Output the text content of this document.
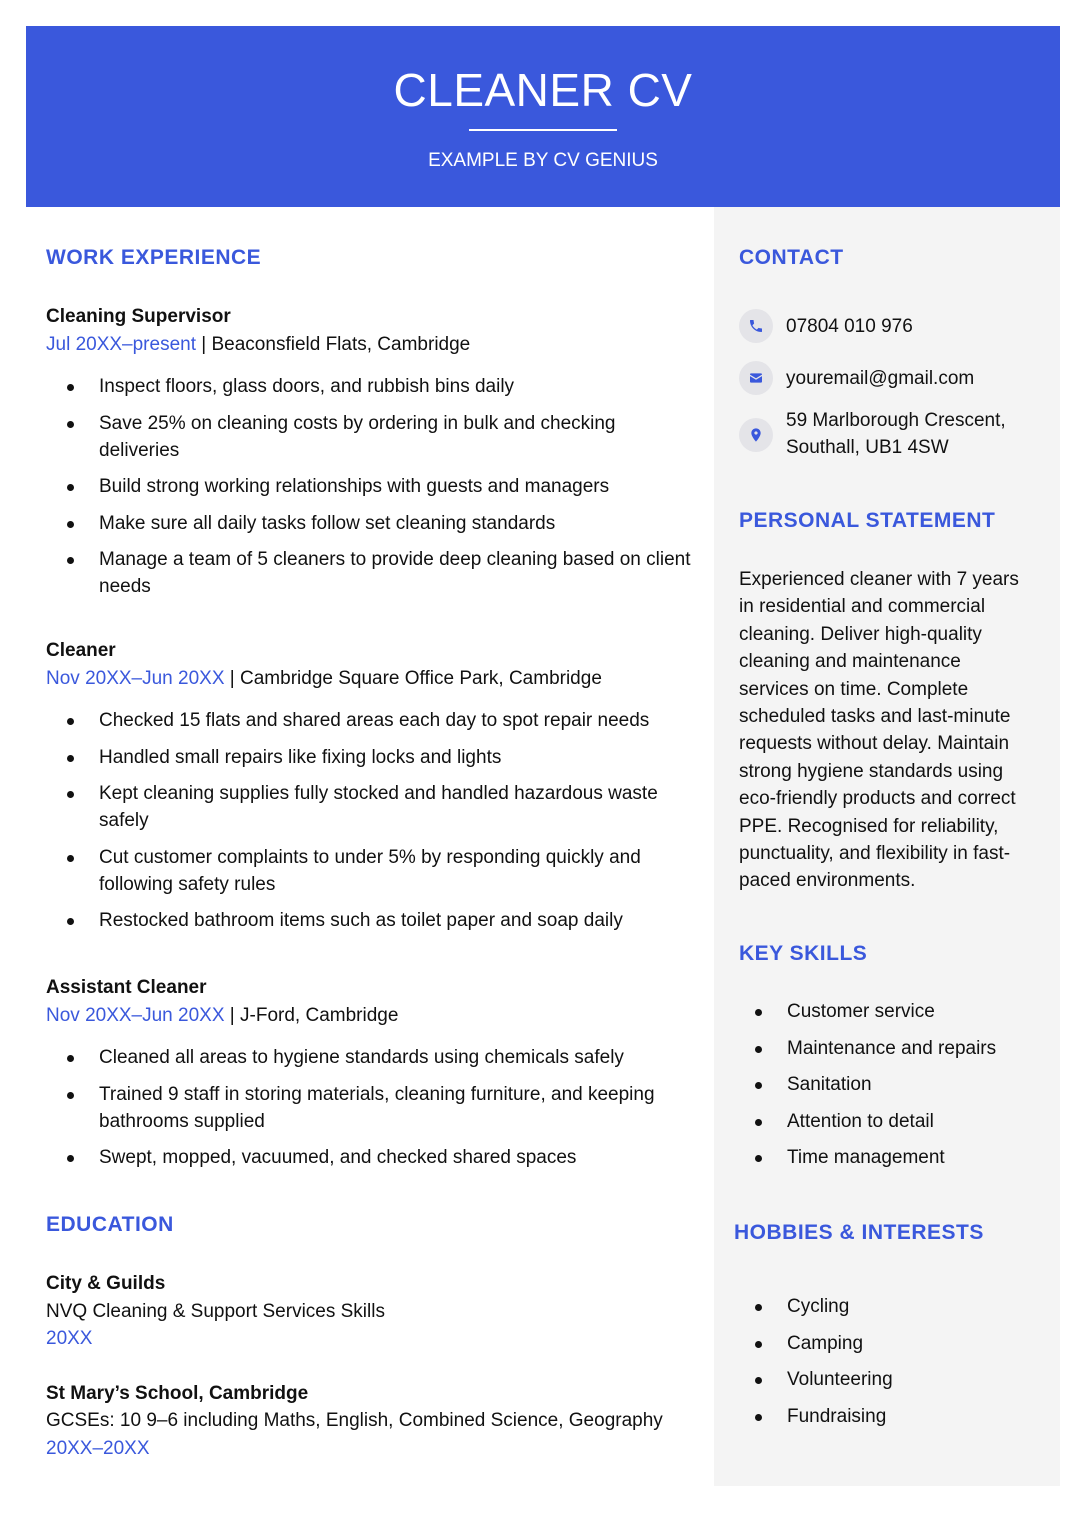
CLEANER CV
EXAMPLE BY CV GENIUS
WORK EXPERIENCE
Cleaning Supervisor
Jul 20XX–present | Beaconsfield Flats, Cambridge
Inspect floors, glass doors, and rubbish bins daily
Save 25% on cleaning costs by ordering in bulk and checking deliveries
Build strong working relationships with guests and managers
Make sure all daily tasks follow set cleaning standards
Manage a team of 5 cleaners to provide deep cleaning based on client needs
Cleaner
Nov 20XX–Jun 20XX | Cambridge Square Office Park, Cambridge
Checked 15 flats and shared areas each day to spot repair needs
Handled small repairs like fixing locks and lights
Kept cleaning supplies fully stocked and handled hazardous waste safely
Cut customer complaints to under 5% by responding quickly and following safety rules
Restocked bathroom items such as toilet paper and soap daily
Assistant Cleaner
Nov 20XX–Jun 20XX | J-Ford, Cambridge
Cleaned all areas to hygiene standards using chemicals safely
Trained 9 staff in storing materials, cleaning furniture, and keeping bathrooms supplied
Swept, mopped, vacuumed, and checked shared spaces
EDUCATION
City & Guilds
NVQ Cleaning & Support Services Skills
20XX
St Mary’s School, Cambridge
GCSEs: 10 9–6 including Maths, English, Combined Science, Geography
20XX–20XX
CONTACT
07804 010 976
youremail@gmail.com
59 Marlborough Crescent,
Southall, UB1 4SW
PERSONAL STATEMENT
Experienced cleaner with 7 years
in residential and commercial
cleaning. Deliver high-quality
cleaning and maintenance
services on time. Complete
scheduled tasks and last-minute
requests without delay. Maintain
strong hygiene standards using
eco-friendly products and correct
PPE. Recognised for reliability,
punctuality, and flexibility in fast-
paced environments.
KEY SKILLS
Customer service
Maintenance and repairs
Sanitation
Attention to detail
Time management
HOBBIES & INTERESTS
Cycling
Camping
Volunteering
Fundraising
